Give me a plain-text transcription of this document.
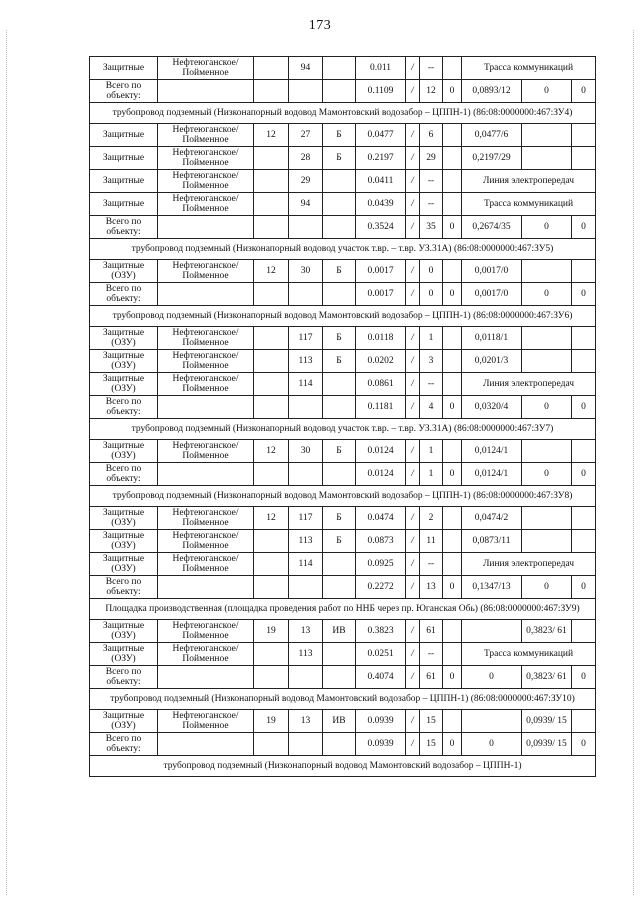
173
Защитные	Нефтеюганское/ Пойменное		94		0.011	/	--		Трасса коммуникаций		
Всего по объекту:					0.1109	/	12	0	0,0893/12	0	0
трубопровод подземный (Низконапорный водовод Мамонтовский водозабор – ЦППН-1) (86:08:0000000:467:ЗУ4)											
Защитные	Нефтеюганское/ Пойменное	12	27	Б	0.0477	/	6		0,0477/6		
Защитные	Нефтеюганское/ Пойменное		28	Б	0.2197	/	29		0,2197/29		
Защитные	Нефтеюганское/ Пойменное		29		0.0411	/	--		Линия электропередач		
Защитные	Нефтеюганское/ Пойменное		94		0.0439	/	--		Трасса коммуникаций		
Всего по объекту:					0.3524	/	35	0	0,2674/35	0	0
трубопровод подземный (Низконапорный водовод участок т.вр. – т.вр. УЗ.31А) (86:08:0000000:467:ЗУ5)											
Защитные (ОЗУ)	Нефтеюганское/ Пойменное	12	30	Б	0.0017	/	0		0,0017/0		
Всего по объекту:					0.0017	/	0	0	0,0017/0	0	0
трубопровод подземный (Низконапорный водовод Мамонтовский водозабор – ЦППН-1) (86:08:0000000:467:ЗУ6)											
Защитные (ОЗУ)	Нефтеюганское/ Пойменное		117	Б	0.0118	/	1		0,0118/1		
Защитные (ОЗУ)	Нефтеюганское/ Пойменное		113	Б	0.0202	/	3		0,0201/3		
Защитные (ОЗУ)	Нефтеюганское/ Пойменное		114		0.0861	/	--		Линия электропередач		
Всего по объекту:					0.1181	/	4	0	0,0320/4	0	0
трубопровод подземный (Низконапорный водовод участок т.вр. – т.вр. УЗ.31А) (86:08:0000000:467:ЗУ7)											
Защитные (ОЗУ)	Нефтеюганское/ Пойменное	12	30	Б	0.0124	/	1		0,0124/1		
Всего по объекту:					0.0124	/	1	0	0,0124/1	0	0
трубопровод подземный (Низконапорный водовод Мамонтовский водозабор – ЦППН-1) (86:08:0000000:467:ЗУ8)											
Защитные (ОЗУ)	Нефтеюганское/ Пойменное	12	117	Б	0.0474	/	2		0,0474/2		
Защитные (ОЗУ)	Нефтеюганское/ Пойменное		113	Б	0.0873	/	11		0,0873/11		
Защитные (ОЗУ)	Нефтеюганское/ Пойменное		114		0.0925	/	--		Линия электропередач		
Всего по объекту:					0.2272	/	13	0	0,1347/13	0	0
Площадка производственная (площадка проведения работ по ННБ через пр. Юганская Обь) (86:08:0000000:467:ЗУ9)											
Защитные (ОЗУ)	Нефтеюганское/ Пойменное	19	13	ИВ	0.3823	/	61			0,3823/ 61	
Защитные (ОЗУ)	Нефтеюганское/ Пойменное		113		0.0251	/	--		Трасса коммуникаций		
Всего по объекту:					0.4074	/	61	0	0	0,3823/ 61	0
трубопровод подземный (Низконапорный водовод Мамонтовский водозабор – ЦППН-1) (86:08:0000000:467:ЗУ10)											
Защитные (ОЗУ)	Нефтеюганское/ Пойменное	19	13	ИВ	0.0939	/	15			0,0939/ 15	
Всего по объекту:					0.0939	/	15	0	0	0,0939/ 15	0
трубопровод подземный (Низконапорный водовод Мамонтовский водозабор – ЦППН-1)											
